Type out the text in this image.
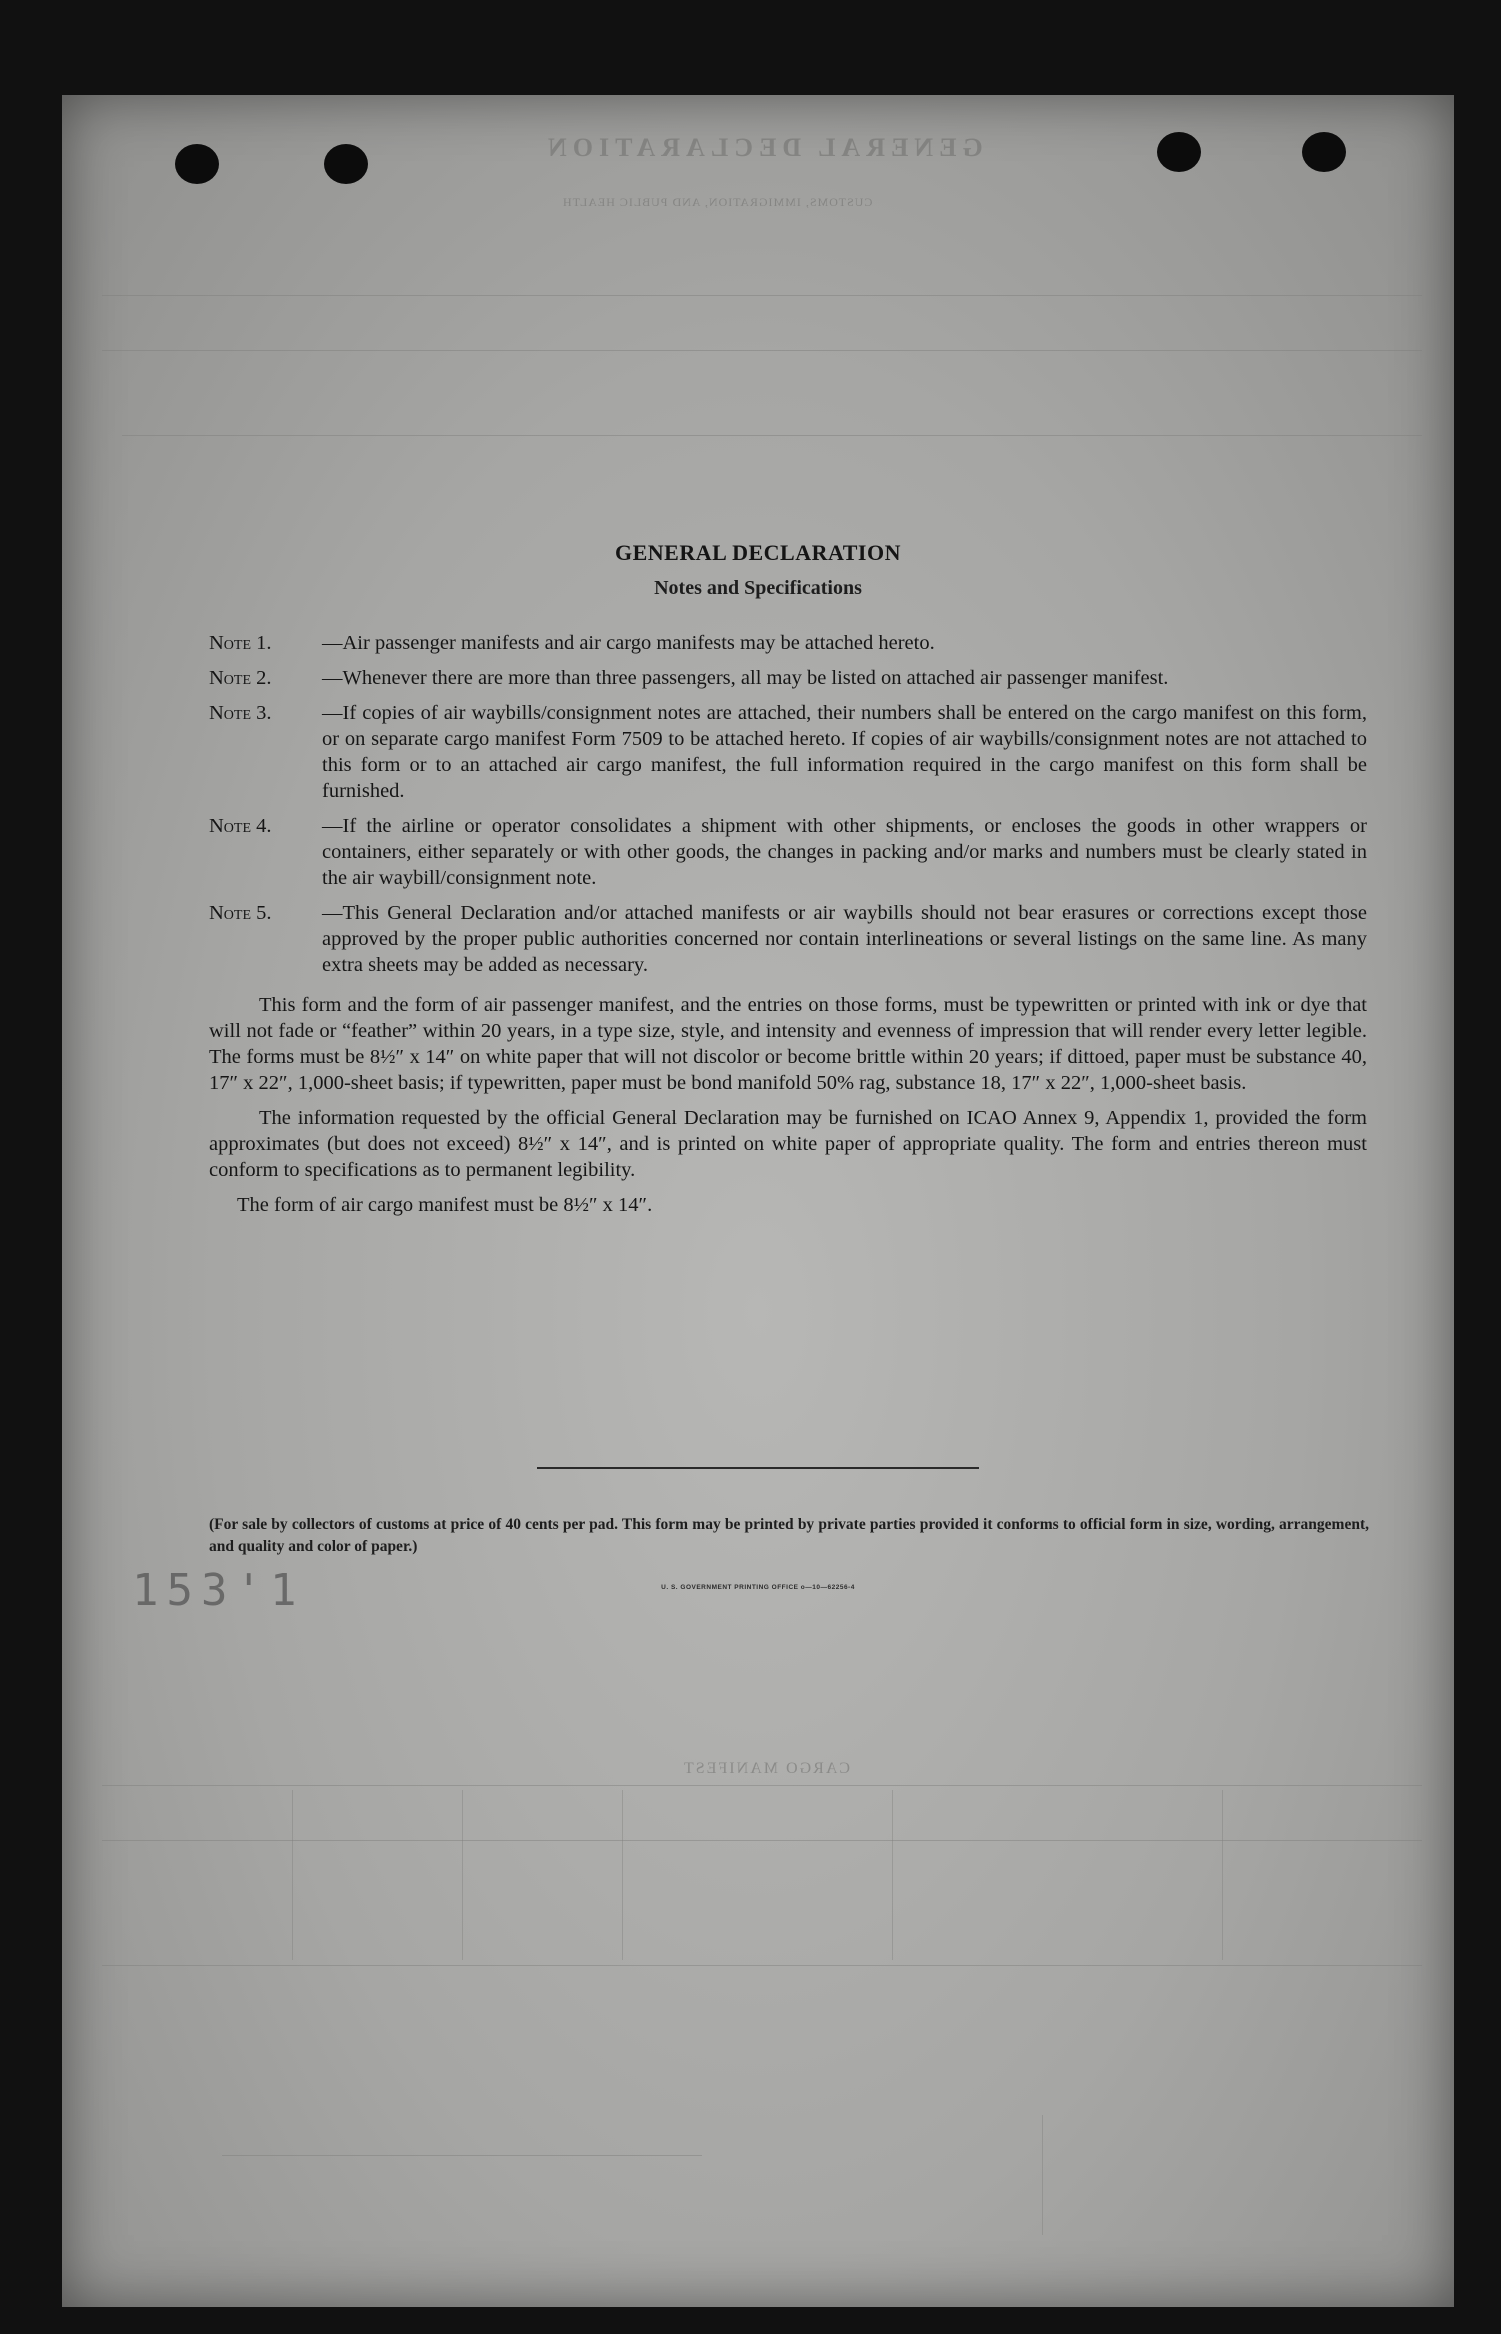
GENERAL DECLARATION
CUSTOMS, IMMIGRATION, AND PUBLIC HEALTH
CARGO MANIFEST
153'1
GENERAL DECLARATION
Notes and Specifications
Note 1.	—Air passenger manifests and air cargo manifests may be attached hereto.
Note 2.	—Whenever there are more than three passengers, all may be listed on attached air passenger manifest.
Note 3.	—If copies of air waybills/consignment notes are attached, their numbers shall be entered on the cargo manifest on this form, or on separate cargo manifest Form 7509 to be attached hereto. If copies of air waybills/consignment notes are not attached to this form or to an attached air cargo manifest, the full information required in the cargo manifest on this form shall be furnished.
Note 4.	—If the airline or operator consolidates a shipment with other shipments, or encloses the goods in other wrappers or containers, either separately or with other goods, the changes in packing and/or marks and numbers must be clearly stated in the air waybill/consignment note.
Note 5.	—This General Declaration and/or attached manifests or air waybills should not bear erasures or corrections except those approved by the proper public authorities concerned nor contain interlineations or several listings on the same line. As many extra sheets may be added as necessary.

This form and the form of air passenger manifest, and the entries on those forms, must be typewritten or printed with ink or dye that will not fade or “feather” within 20 years, in a type size, style, and intensity and evenness of impression that will render every letter legible. The forms must be 8½″ x 14″ on white paper that will not discolor or become brittle within 20 years; if dittoed, paper must be substance 40, 17″ x 22″, 1,000-sheet basis; if typewritten, paper must be bond manifold 50% rag, substance 18, 17″ x 22″, 1,000-sheet basis.

The information requested by the official General Declaration may be furnished on ICAO Annex 9, Appendix 1, provided the form approximates (but does not exceed) 8½″ x 14″, and is printed on white paper of appropriate quality. The form and entries thereon must conform to specifications as to permanent legibility.

The form of air cargo manifest must be 8½″ x 14″.

(For sale by collectors of customs at price of 40 cents per pad. This form may be printed by private parties provided it conforms to official form in size, wording, arrangement, and quality and color of paper.)
U. S. GOVERNMENT PRINTING OFFICE o—10—62256-4
